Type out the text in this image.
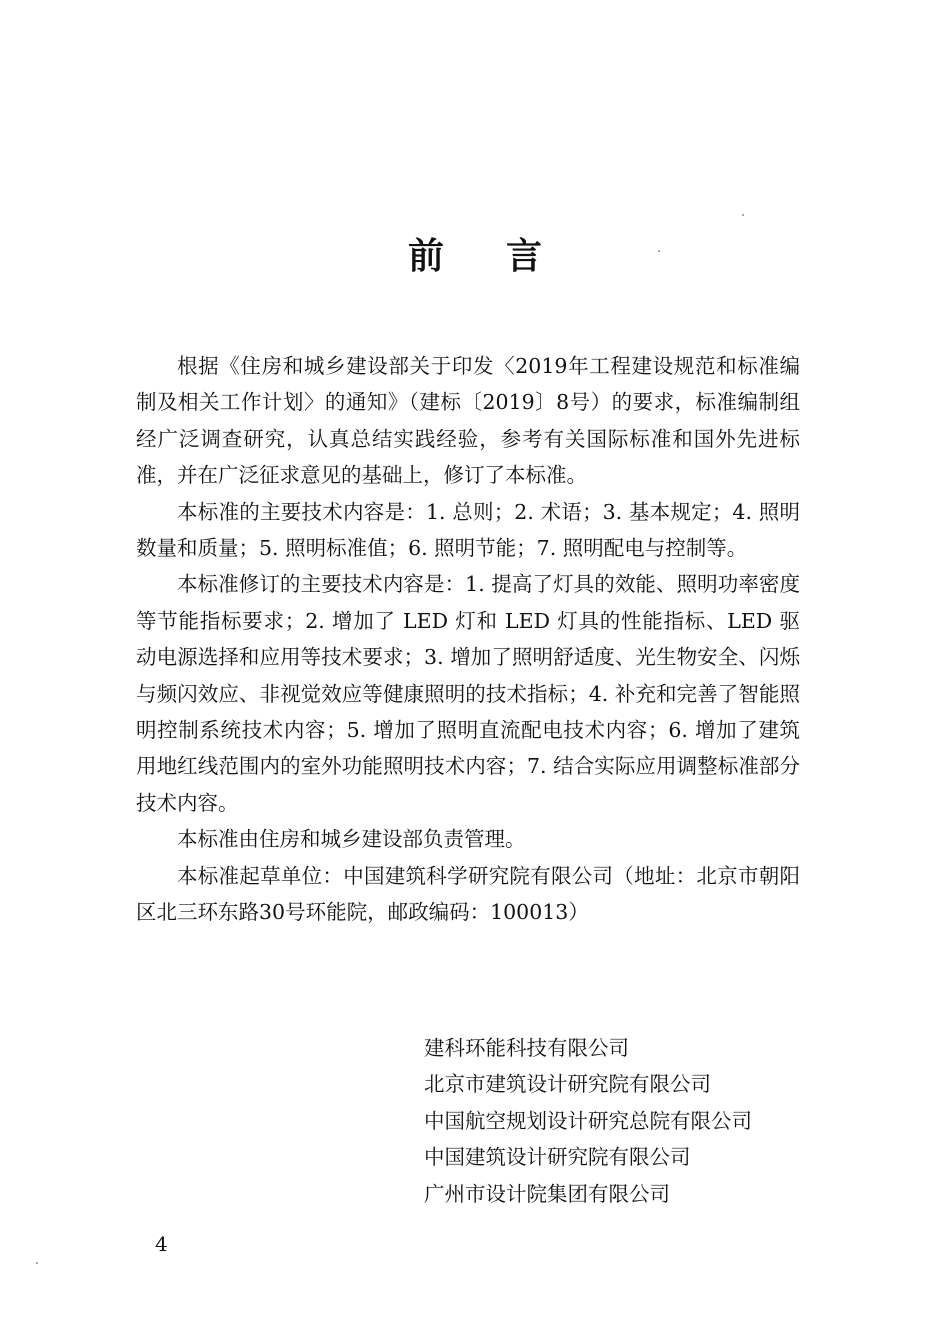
前 言

根据《住房和城乡建设部关于印发〈2019年工程建设规范和标准编制及相关工作计划〉的通知》（建标〔2019〕8号）的要求，标准编制组经广泛调查研究，认真总结实践经验，参考有关国际标准和国外先进标准，并在广泛征求意见的基础上，修订了本标准。

本标准的主要技术内容是：1. 总则；2. 术语；3. 基本规定；4. 照明数量和质量；5. 照明标准值；6. 照明节能；7. 照明配电与控制等。

本标准修订的主要技术内容是：1. 提高了灯具的效能、照明功率密度等节能指标要求；2. 增加了 LED 灯和 LED 灯具的性能指标、LED 驱动电源选择和应用等技术要求；3. 增加了照明舒适度、光生物安全、闪烁与频闪效应、非视觉效应等健康照明的技术指标；4. 补充和完善了智能照明控制系统技术内容；5. 增加了照明直流配电技术内容；6. 增加了建筑用地红线范围内的室外功能照明技术内容；7. 结合实际应用调整标准部分技术内容。

本标准由住房和城乡建设部负责管理。

本标准起草单位：中国建筑科学研究院有限公司（地址：北京市朝阳区北三环东路30号环能院，邮政编码：100013）

建科环能科技有限公司
北京市建筑设计研究院有限公司
中国航空规划设计研究总院有限公司
中国建筑设计研究院有限公司
广州市设计院集团有限公司
4
